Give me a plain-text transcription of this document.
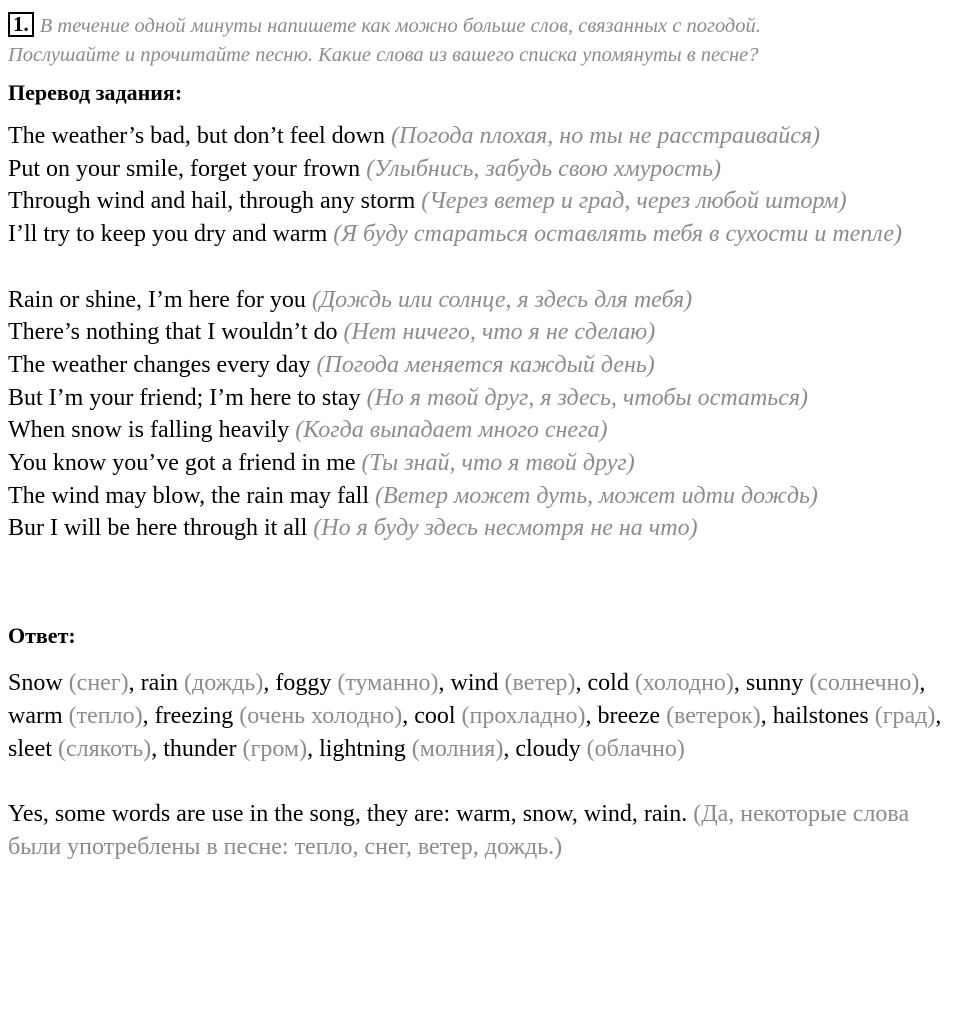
1. В течение одной минуты напишете как можно больше слов, связанных с погодой.
Послушайте и прочитайте песню. Какие слова из вашего списка упомянуты в песне?
Перевод задания:

The weather’s bad, but don’t feel down (Погода плохая, но ты не расстраивайся)

Put on your smile, forget your frown (Улыбнись, забудь свою хмурость)

Through wind and hail, through any storm (Через ветер и град, через любой шторм)

I’ll try to keep you dry and warm (Я буду стараться оставлять тебя в сухости и тепле)

Rain or shine, I’m here for you (Дождь или солнце, я здесь для тебя)

There’s nothing that I wouldn’t do (Нет ничего, что я не сделаю)

The weather changes every day (Погода меняется каждый день)

But I’m your friend; I’m here to stay (Но я твой друг, я здесь, чтобы остаться)

When snow is falling heavily (Когда выпадает много снега)

You know you’ve got a friend in me (Ты знай, что я твой друг)

The wind may blow, the rain may fall (Ветер может дуть, может идти дождь)

Bur I will be here through it all (Но я буду здесь несмотря не на что)

Ответ:
Snow (снег), rain (дождь), foggy (туманно), wind (ветер), cold (холодно), sunny (солнечно), warm (тепло), freezing (очень холодно), cool (прохладно), breeze (ветерок), hailstones (град), sleet (слякоть), thunder (гром), lightning (молния), cloudy (облачно)
Yes, some words are use in the song, they are: warm, snow, wind, rain. (Да, некоторые слова были употреблены в песне: тепло, снег, ветер, дождь.)
